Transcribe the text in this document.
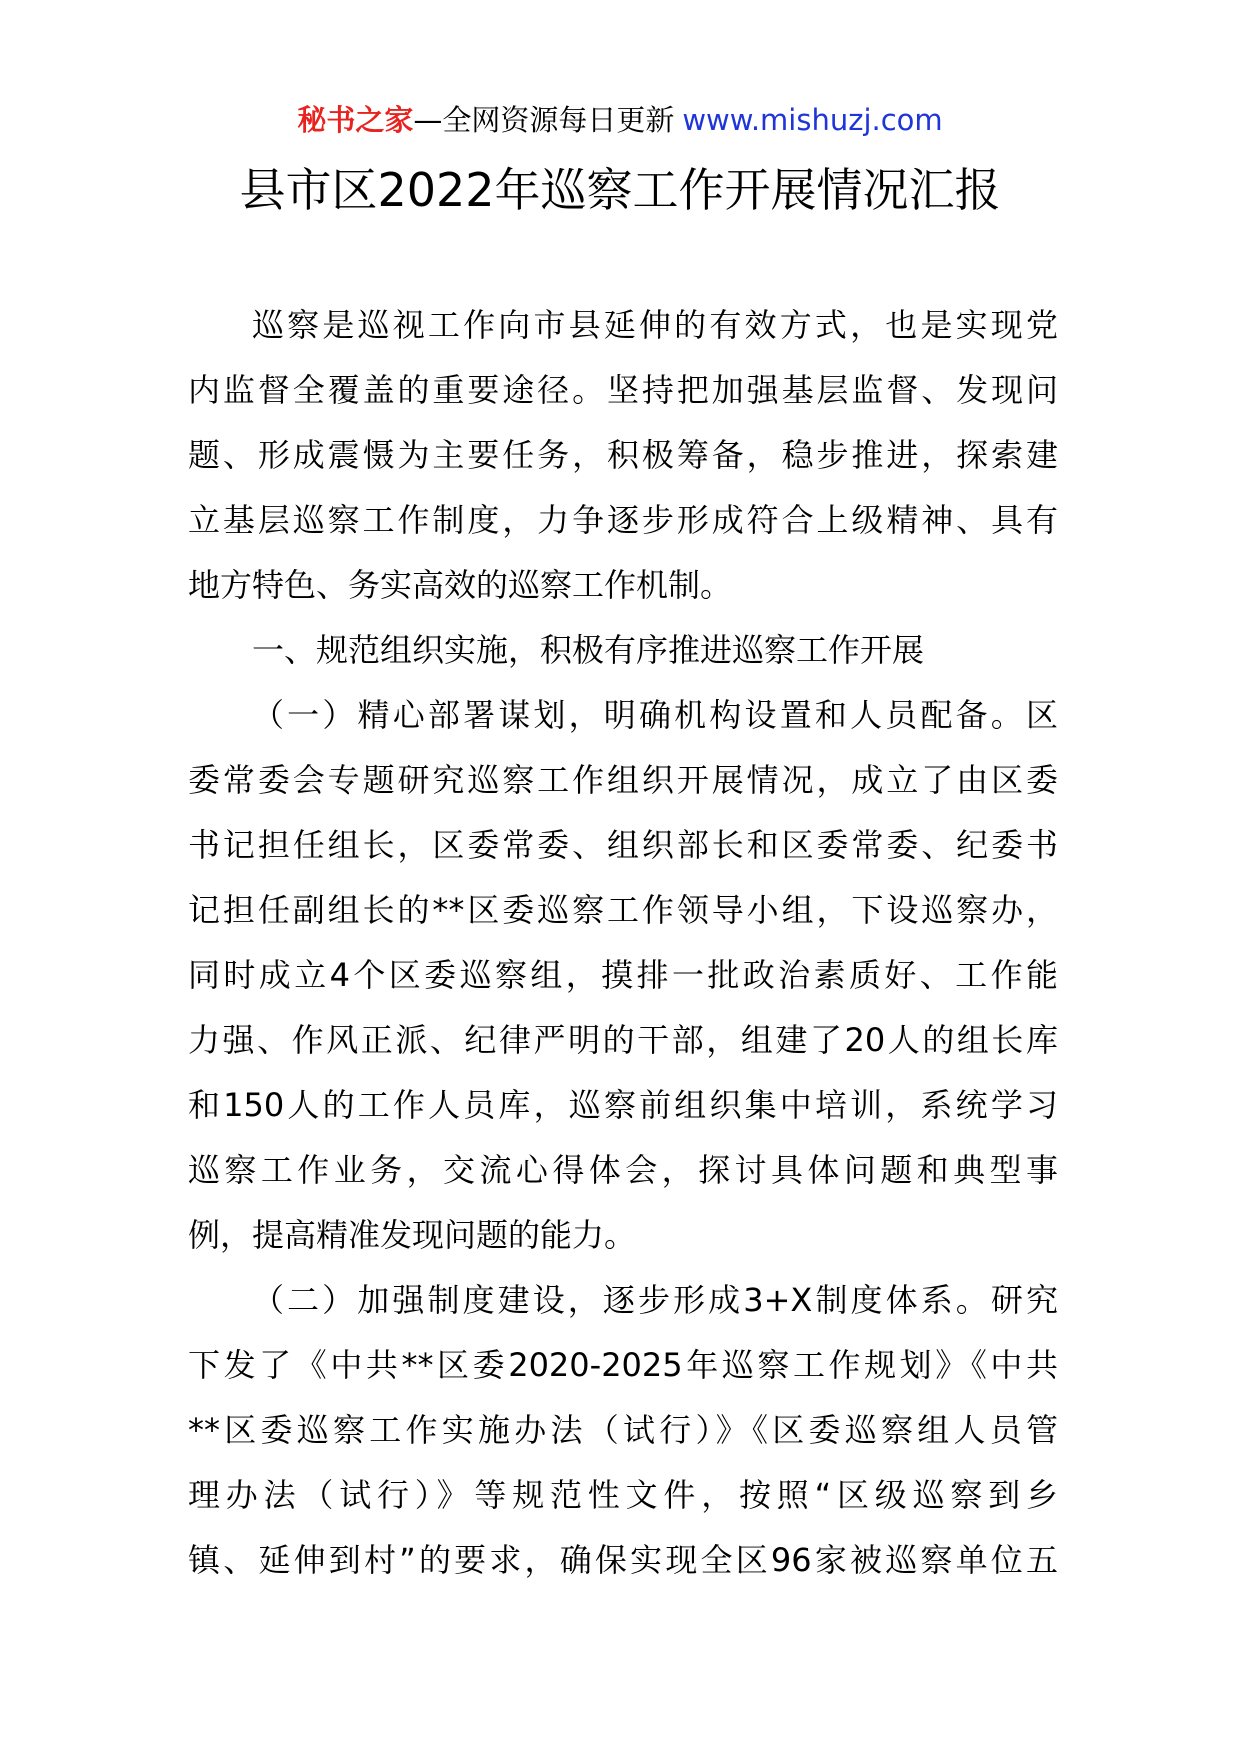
秘书之家—全网资源每日更新 www.mishuzj.com
县市区2022年巡察工作开展情况汇报
巡察是巡视工作向市县延伸的有效方式，也是实现党
内监督全覆盖的重要途径。坚持把加强基层监督、发现问
题、形成震慑为主要任务，积极筹备，稳步推进，探索建
立基层巡察工作制度，力争逐步形成符合上级精神、具有
地方特色、务实高效的巡察工作机制。
一、规范组织实施，积极有序推进巡察工作开展
（一）精心部署谋划，明确机构设置和人员配备。区
委常委会专题研究巡察工作组织开展情况，成立了由区委
书记担任组长，区委常委、组织部长和区委常委、纪委书
记担任副组长的**区委巡察工作领导小组，下设巡察办，
同时成立4个区委巡察组，摸排一批政治素质好、工作能
力强、作风正派、纪律严明的干部，组建了20人的组长库
和150人的工作人员库，巡察前组织集中培训，系统学习
巡察工作业务，交流心得体会，探讨具体问题和典型事
例，提高精准发现问题的能力。
（二）加强制度建设，逐步形成3+X制度体系。研究
下发了《中共**区委2020-2025年巡察工作规划》《中共
**区委巡察工作实施办法（试行）》《区委巡察组人员管
理办法（试行）》等规范性文件，按照“区级巡察到乡
镇、延伸到村”的要求，确保实现全区96家被巡察单位五
